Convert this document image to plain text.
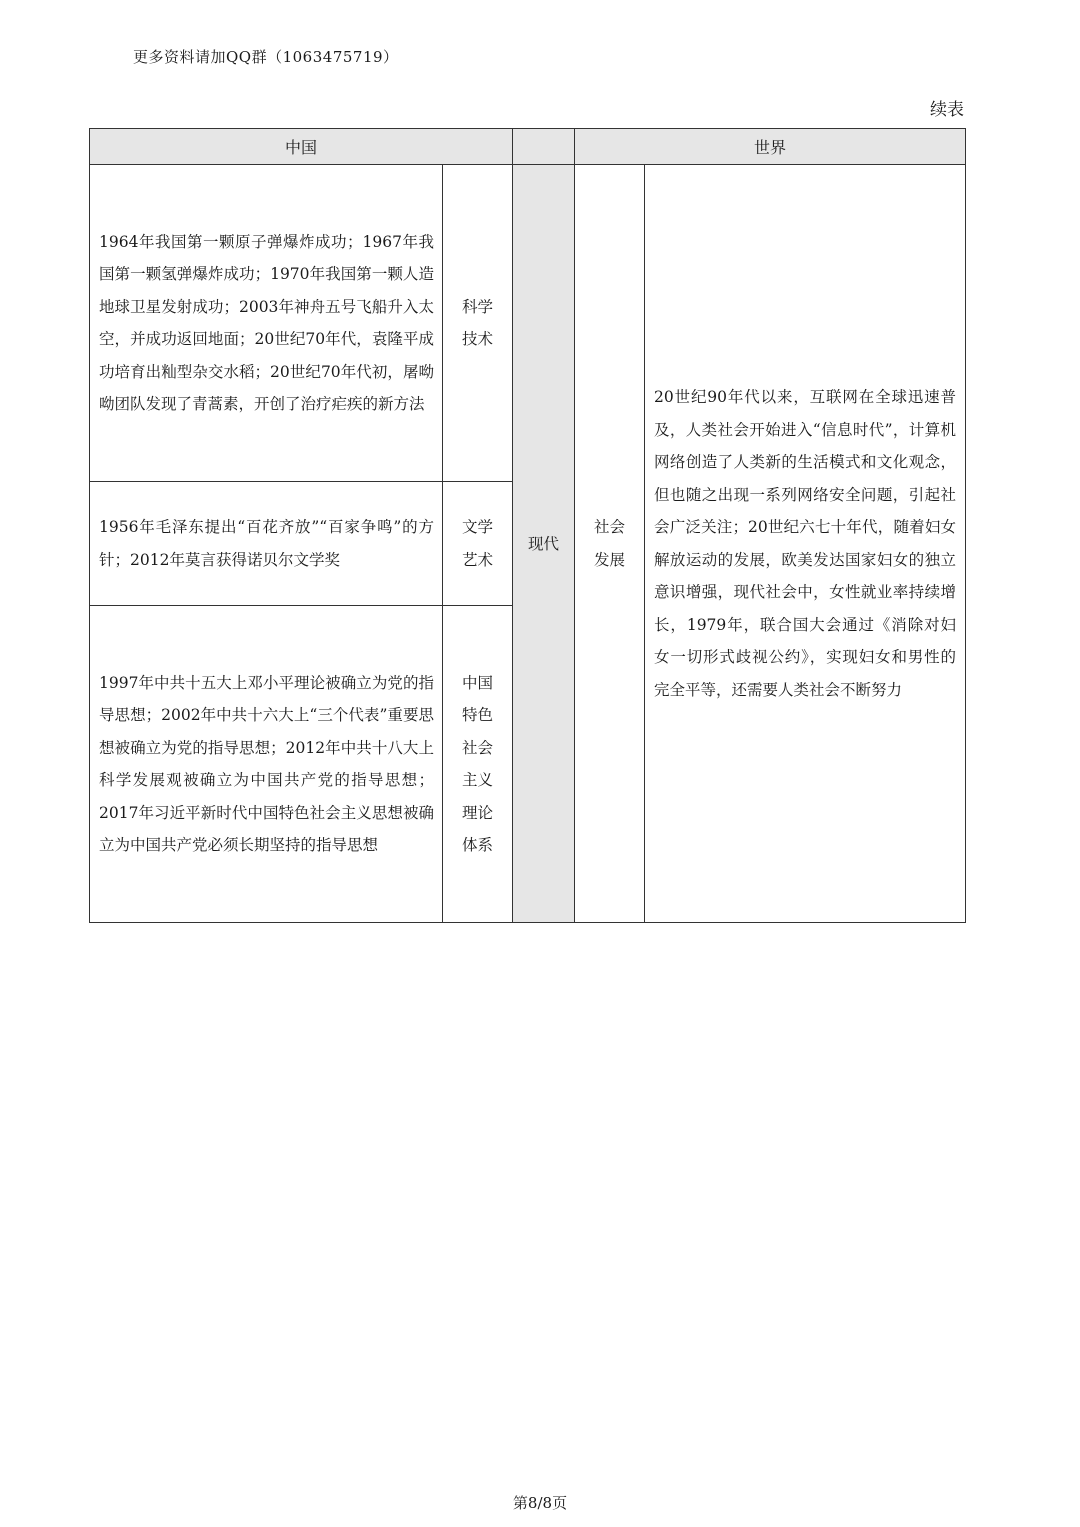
更多资料请加QQ群（1063475719）
续表
中国			世界	
1964年我国第一颗原子弹爆炸成功；1967年我国第一颗氢弹爆炸成功；1970年我国第一颗人造地球卫星发射成功；2003年神舟五号飞船升入太空，并成功返回地面；20世纪70年代，袁隆平成功培育出籼型杂交水稻；20世纪70年代初，屠呦呦团队发现了青蒿素，开创了治疗疟疾的新方法	科学技术	现代	社会发展	20世纪90年代以来，互联网在全球迅速普及，人类社会开始进入“信息时代”，计算机网络创造了人类新的生活模式和文化观念，但也随之出现一系列网络安全问题，引起社会广泛关注；20世纪六七十年代，随着妇女解放运动的发展，欧美发达国家妇女的独立意识增强，现代社会中，女性就业率持续增长，1979年，联合国大会通过《消除对妇女一切形式歧视公约》，实现妇女和男性的完全平等，还需要人类社会不断努力
1956年毛泽东提出“百花齐放”“百家争鸣”的方针；2012年莫言获得诺贝尔文学奖	文学艺术			

1997年中共十五大上邓小平理论被确立为党的指导思想；2002年中共十六大上“三个代表”重要思想被确立为党的指导思想；2012年中共十八大上科学发展观被确立为中国共产党的指导思想；2017年习近平新时代中国特色社会主义思想被确立为中国共产党必须长期坚持的指导思想	中国特色社会主义理论体系			
第8/8页
